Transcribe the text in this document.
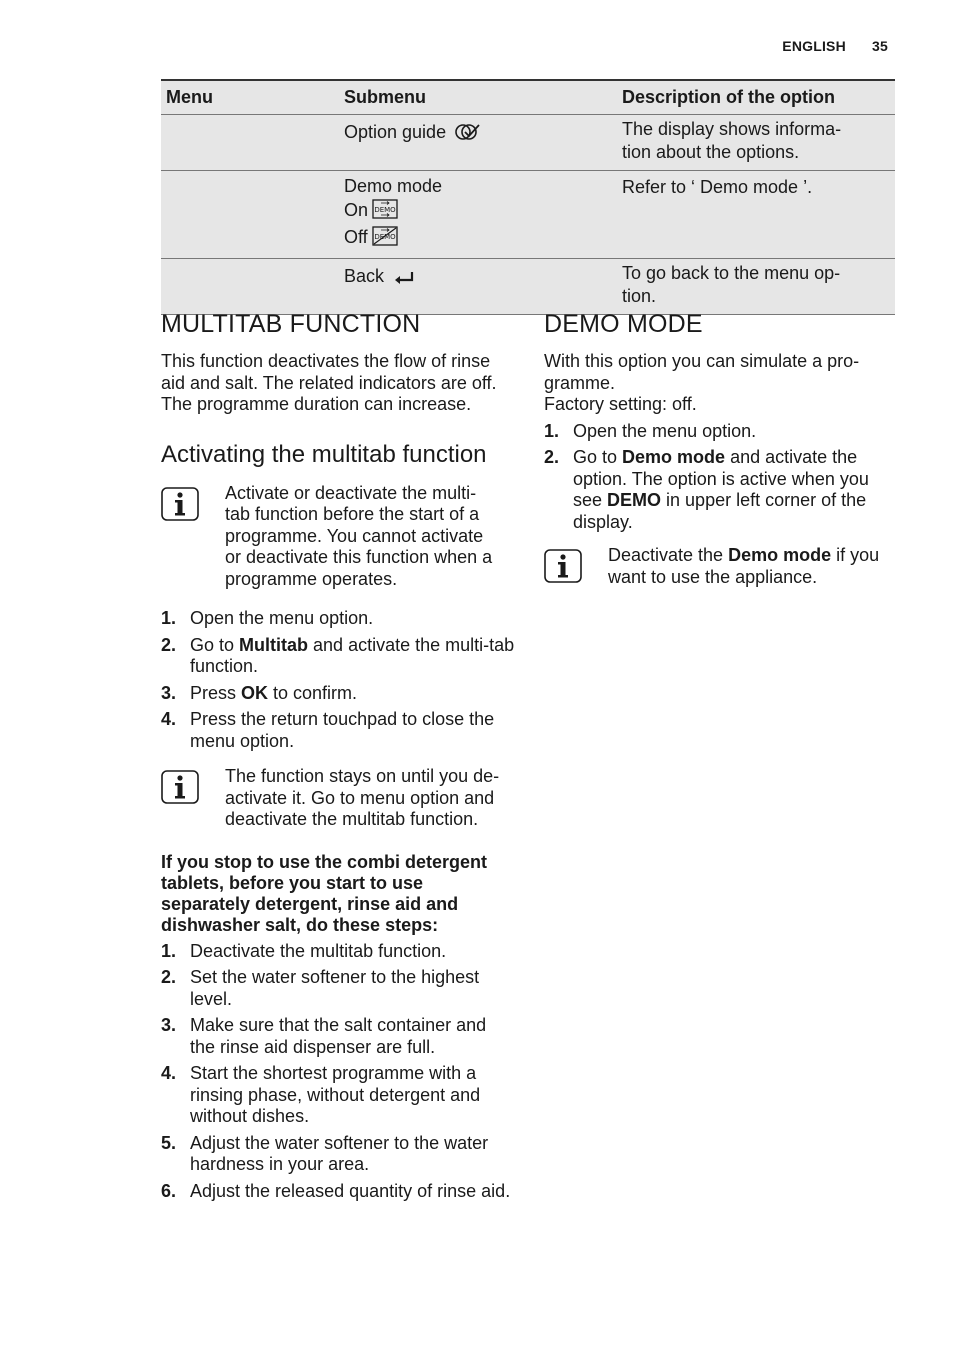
ENGLISH 35
Menu	Submenu	Description of the option
	Option guide	The display shows informa-
tion about the options.

	Demo mode
On DEMO
Off DEMO	Refer to ‘ Demo mode ’.
	Back	To go back to the menu op-
tion.
MULTITAB FUNCTION

This function deactivates the flow of rinse
aid and salt. The related indicators are off.
The programme duration can increase.

Activating the multitab function

Activate or deactivate the multi-
tab function before the start of a
programme. You cannot activate
or deactivate this function when a
programme operates.

1. Open the menu option.
2. Go to Multitab and activate the multi-tab function.
3. Press OK to confirm.
4. Press the return touchpad to close the menu option.

The function stays on until you de-
activate it. Go to menu option and
deactivate the multitab function.

If you stop to use the combi detergent
tablets, before you start to use
separately detergent, rinse aid and
dishwasher salt, do these steps:
1. Deactivate the multitab function.
2. Set the water softener to the highest level.
3. Make sure that the salt container and the rinse aid dispenser are full.
4. Start the shortest programme with a rinsing phase, without detergent and without dishes.
5. Adjust the water softener to the water hardness in your area.
6. Adjust the released quantity of rinse aid.
DEMO MODE

With this option you can simulate a pro-
gramme.
Factory setting: off.

1. Open the menu option.
2. Go to Demo mode and activate the option. The option is active when you see DEMO in upper left corner of the display.

Deactivate the Demo mode if you want to use the appliance.
